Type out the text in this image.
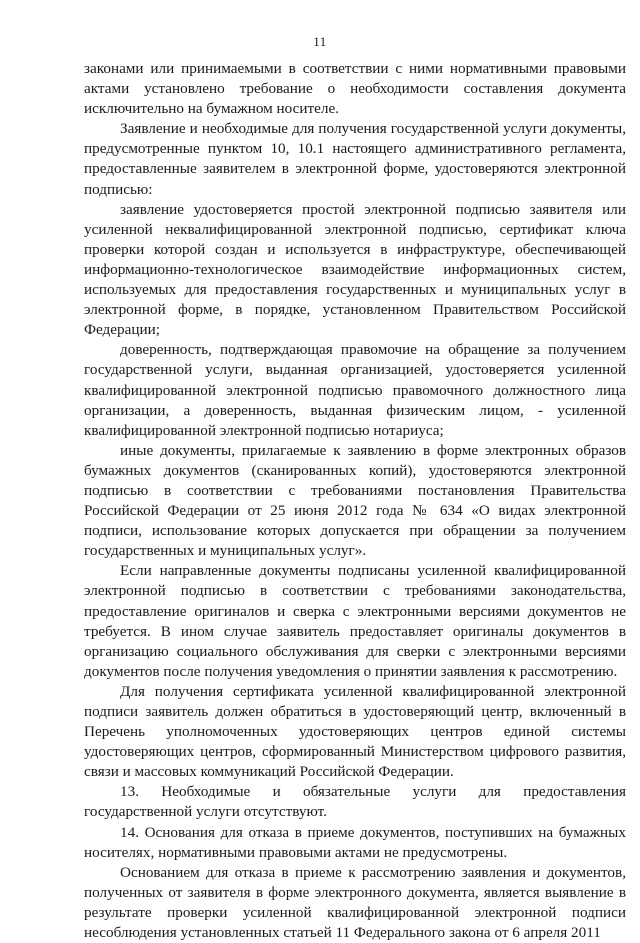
11

законами или принимаемыми в соответствии с ними нормативными правовыми актами установлено требование о необходимости составления документа исключительно на бумажном носителе.

Заявление и необходимые для получения государственной услуги документы, предусмотренные пунктом 10, 10.1 настоящего административного регламента, предоставленные заявителем в электронной форме, удостоверяются электронной подписью:

заявление удостоверяется простой электронной подписью заявителя или усиленной неквалифицированной электронной подписью, сертификат ключа проверки которой создан и используется в инфраструктуре, обеспечивающей информационно-технологическое взаимодействие информационных систем, используемых для предоставления государственных и муниципальных услуг в электронной форме, в порядке, установленном Правительством Российской Федерации;

доверенность, подтверждающая правомочие на обращение за получением государственной услуги, выданная организацией, удостоверяется усиленной квалифицированной электронной подписью правомочного должностного лица организации, а доверенность, выданная физическим лицом, - усиленной квалифицированной электронной подписью нотариуса;

иные документы, прилагаемые к заявлению в форме электронных образов бумажных документов (сканированных копий), удостоверяются электронной подписью в соответствии с требованиями постановления Правительства Российской Федерации от 25 июня 2012 года № 634 «О видах электронной подписи, использование которых допускается при обращении за получением государственных и муниципальных услуг».

Если направленные документы подписаны усиленной квалифицированной электронной подписью в соответствии с требованиями законодательства, предоставление оригиналов и сверка с электронными версиями документов не требуется. В ином случае заявитель предоставляет оригиналы документов в организацию социального обслуживания для сверки с электронными версиями документов после получения уведомления о принятии заявления к рассмотрению.

Для получения сертификата усиленной квалифицированной электронной подписи заявитель должен обратиться в удостоверяющий центр, включенный в Перечень уполномоченных удостоверяющих центров единой системы удостоверяющих центров, сформированный Министерством цифрового развития, связи и массовых коммуникаций Российской Федерации.

13. Необходимые и обязательные услуги для предоставления государственной услуги отсутствуют.

14. Основания для отказа в приеме документов, поступивших на бумажных носителях, нормативными правовыми актами не предусмотрены.

Основанием для отказа в приеме к рассмотрению заявления и документов, полученных от заявителя в форме электронного документа, является выявление в результате проверки усиленной квалифицированной электронной подписи несоблюдения установленных статьей 11 Федерального закона от 6 апреля 2011
